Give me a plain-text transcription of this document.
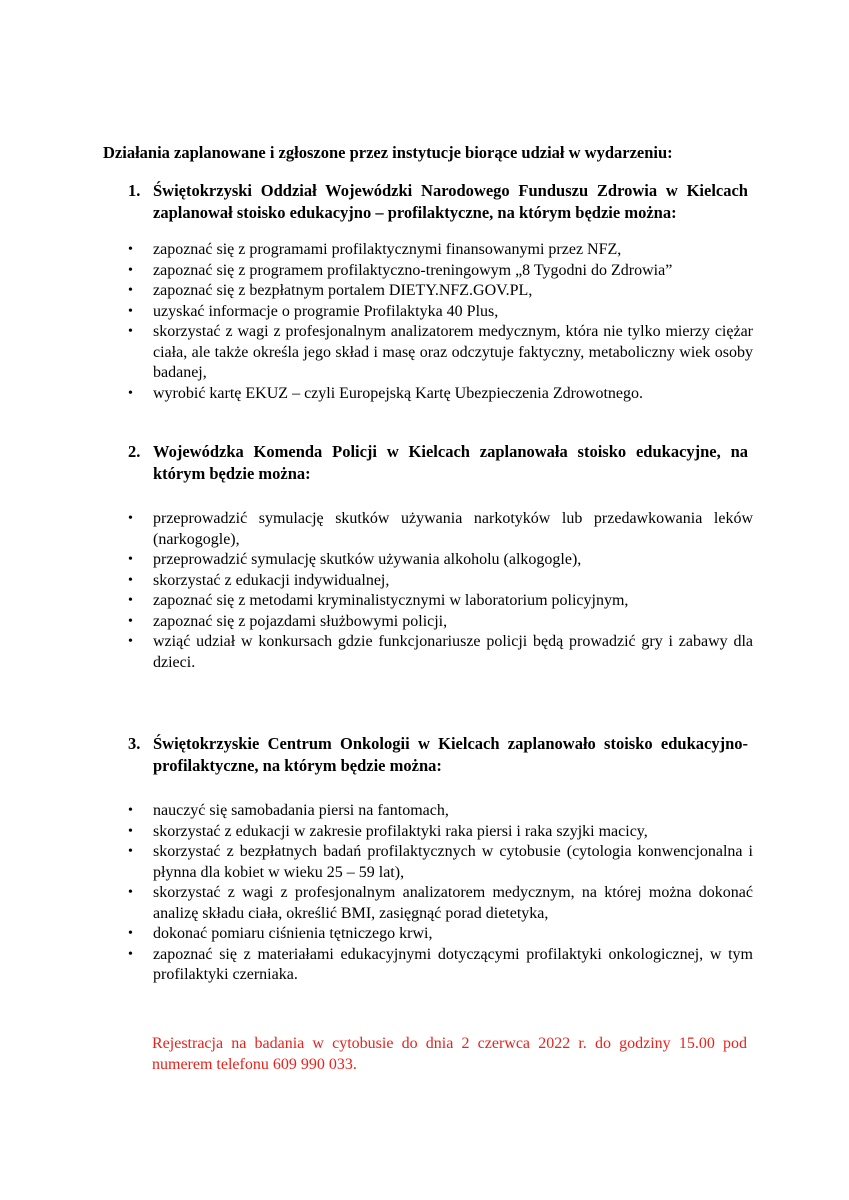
Działania zaplanowane i zgłoszone przez instytucje biorące udział w wydarzeniu:
1. Świętokrzyski Oddział Wojewódzki Narodowego Funduszu Zdrowia w Kielcach zaplanował stoisko edukacyjno – profilaktyczne, na którym będzie można:
• zapoznać się z programami profilaktycznymi finansowanymi przez NFZ,
• zapoznać się z programem profilaktyczno-treningowym „8 Tygodni do Zdrowia”
• zapoznać się z bezpłatnym portalem DIETY.NFZ.GOV.PL,
• uzyskać informacje o programie Profilaktyka 40 Plus,
• skorzystać z wagi z profesjonalnym analizatorem medycznym, która nie tylko mierzy ciężar ciała, ale także określa jego skład i masę oraz odczytuje faktyczny, metaboliczny wiek osoby badanej,
• wyrobić kartę EKUZ – czyli Europejską Kartę Ubezpieczenia Zdrowotnego.
2. Wojewódzka Komenda Policji w Kielcach zaplanowała stoisko edukacyjne, na którym będzie można:
• przeprowadzić symulację skutków używania narkotyków lub przedawkowania leków (narkogogle),
• przeprowadzić symulację skutków używania alkoholu (alkogogle),
• skorzystać z edukacji indywidualnej,
• zapoznać się z metodami kryminalistycznymi w laboratorium policyjnym,
• zapoznać się z pojazdami służbowymi policji,
• wziąć udział w konkursach gdzie funkcjonariusze policji będą prowadzić gry i zabawy dla dzieci.
3. Świętokrzyskie Centrum Onkologii w Kielcach zaplanowało stoisko edukacyjno-profilaktyczne, na którym będzie można:
• nauczyć się samobadania piersi na fantomach,
• skorzystać z edukacji w zakresie profilaktyki raka piersi i raka szyjki macicy,
• skorzystać z bezpłatnych badań profilaktycznych w cytobusie (cytologia konwencjonalna i płynna dla kobiet w wieku 25 – 59 lat),
• skorzystać z wagi z profesjonalnym analizatorem medycznym, na której można dokonać analizę składu ciała, określić BMI, zasięgnąć porad dietetyka,
• dokonać pomiaru ciśnienia tętniczego krwi,
• zapoznać się z materiałami edukacyjnymi dotyczącymi profilaktyki onkologicznej, w tym profilaktyki czerniaka.
Rejestracja na badania w cytobusie do dnia 2 czerwca 2022 r. do godziny 15.00 pod numerem telefonu 609 990 033.
